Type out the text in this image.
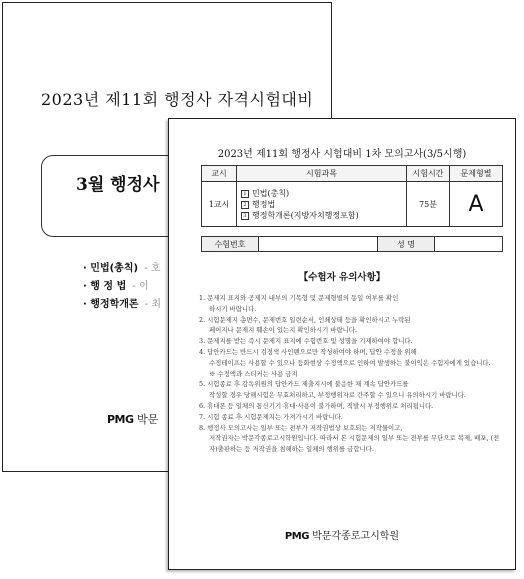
2023년 제11회 행정사 자격시험대비
3월 행정사
· 민법(총칙) - 호
· 행 정 법 - 이
· 행정학개론 - 최
PMG 박문
2023년 제11회 행정사 시험대비 1차 모의고사(3/5시행)
교시	시험과목	시험시간	문제형별
1교시	1 민법(총칙)
2 행정법
3 행정학개론(지방자치행정포함)	75분	A
수험번호		성 명	
【수험자 유의사항】
1. 문제지 표지와 공제지 내부의 기목형 및 문제형별의 동일 여부를 확인
하시기 바랍니다.
2. 시험문제지 총면수, 문제번호 일련순서, 인쇄상태 등을 확인하시고 누락된
페이지나 문제지 훼손이 있는지 확인하시기 바랍니다.
3. 문제지를 받는 즉시 문제지 표지에 수험번호 및 성명을 기재하여야 합니다.
4. 답안카드는 반드시 검정색 사인펜으로만 작성하여야 하며, 답안 수정을 위해
수정테이프는 사용할 수 있으나 등화현상 수정액으로 인하여 발생하는 불이익은 수험자에게 있습니다.
※ 수정액과 스티커는 사용 금지
5. 시험종료 후 감독위원의 답안카드 제출지시에 불응한 채 계속 답안카드를
작성할 경우 당해시험은 무효처리하고, 부정행위자로 간주할 수 있으니 유의하시기 바랍니다.
6. 휴대폰 등 일체의 통신기기 휴대·사용이 불가하며, 적발시 부정행위로 처리됩니다.
7. 시험 종료 후 시험문제지는 가져가시기 바랍니다.
8. 행정사 모의고사는 일부 또는 전부가 저작권법상 보호되는 저작물이고,
저작권자는 박문각종로고시학원입니다. 따라서 본 시험문제의 일부 또는 전부를 무단으로 복제, 배포, (전자)출판하는 등 저작권을 침해하는 일체의 행위를 금합니다.
PMG 박문각종로고시학원
